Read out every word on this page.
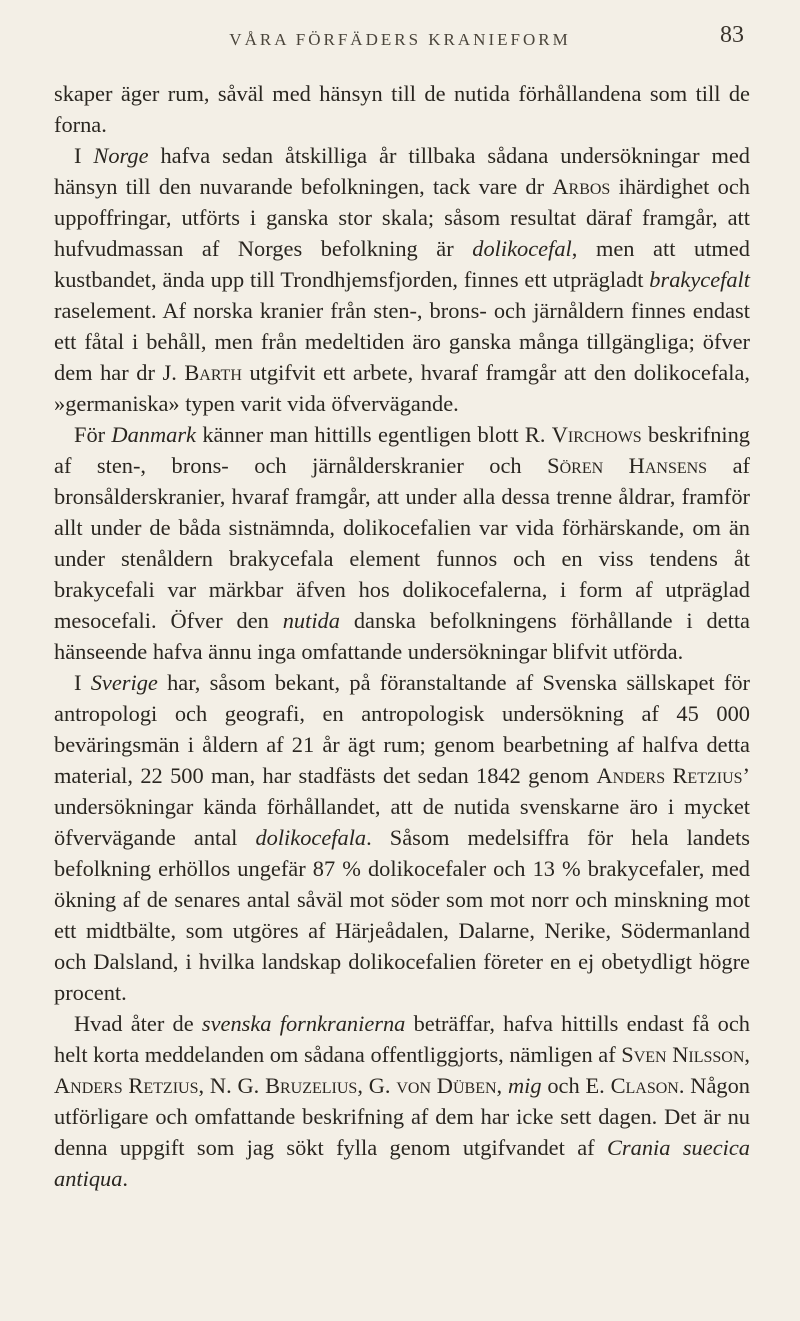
VÅRA FÖRFÄDERS KRANIEFORM	83

skaper äger rum, såväl med hänsyn till de nutida förhållandena som till de forna.

I Norge hafva sedan åtskilliga år tillbaka sådana undersökningar med hänsyn till den nuvarande befolkningen, tack vare dr Arbos ihärdighet och uppoffringar, utförts i ganska stor skala; såsom resultat däraf framgår, att hufvudmassan af Norges befolkning är dolikocefal, men att utmed kustbandet, ända upp till Trondhjemsfjorden, finnes ett utprägladt brakycefalt raselement. Af norska kranier från sten-, brons- och järnåldern finnes endast ett fåtal i behåll, men från medeltiden äro ganska många tillgängliga; öfver dem har dr J. Barth utgifvit ett arbete, hvaraf framgår att den dolikocefala, »germaniska» typen varit vida öfvervägande.

För Danmark känner man hittills egentligen blott R. Virchows beskrifning af sten-, brons- och järnålderskranier och Sören Hansens af bronsålderskranier, hvaraf framgår, att under alla dessa trenne åldrar, framför allt under de båda sistnämnda, dolikocefalien var vida förhärskande, om än under stenåldern brakycefala element funnos och en viss tendens åt brakycefali var märkbar äfven hos dolikocefalerna, i form af utpräglad mesocefali. Öfver den nutida danska befolkningens förhållande i detta hänseende hafva ännu inga omfattande undersökningar blifvit utförda.

I Sverige har, såsom bekant, på föranstaltande af Svenska sällskapet för antropologi och geografi, en antropologisk undersökning af 45 000 beväringsmän i åldern af 21 år ägt rum; genom bearbetning af halfva detta material, 22 500 man, har stadfästs det sedan 1842 genom Anders Retzius’ undersökningar kända förhållandet, att de nutida svenskarne äro i mycket öfvervägande antal dolikocefala. Såsom medelsiffra för hela landets befolkning erhöllos ungefär 87 % dolikocefaler och 13 % brakycefaler, med ökning af de senares antal såväl mot söder som mot norr och minskning mot ett midtbälte, som utgöres af Härjeådalen, Dalarne, Nerike, Södermanland och Dalsland, i hvilka landskap dolikocefalien företer en ej obetydligt högre procent.

Hvad åter de svenska fornkranierna beträffar, hafva hittills endast få och helt korta meddelanden om sådana offentliggjorts, nämligen af Sven Nilsson, Anders Retzius, N. G. Bruzelius, G. von Düben, mig och E. Clason. Någon utförligare och omfattande beskrifning af dem har icke sett dagen. Det är nu denna uppgift som jag sökt fylla genom utgifvandet af Crania suecica antiqua.
